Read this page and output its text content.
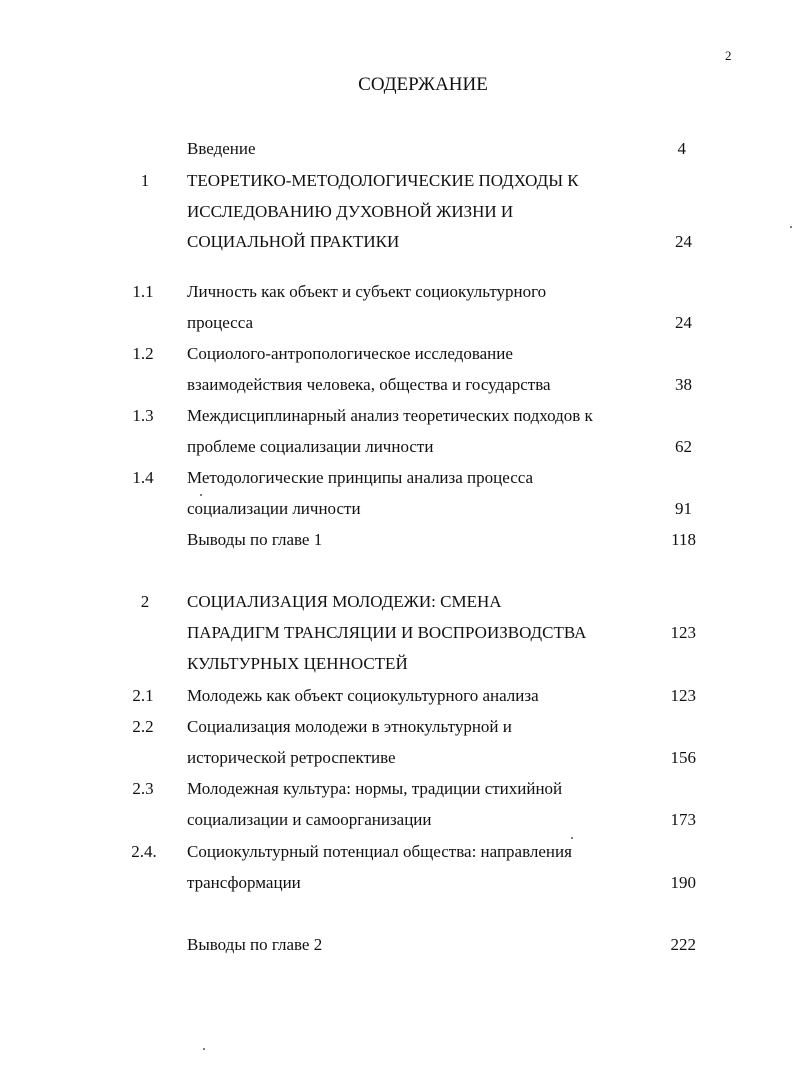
2
СОДЕРЖАНИЕ
Введение	4
1	ТЕОРЕТИКО-МЕТОДОЛОГИЧЕСКИЕ ПОДХОДЫ К
ИССЛЕДОВАНИЮ ДУХОВНОЙ ЖИЗНИ И
СОЦИАЛЬНОЙ ПРАКТИКИ	24
1.1	Личность как объект и субъект социокультурного
процесса	24
1.2	Социолого-антропологическое исследование
взаимодействия человека, общества и государства	38
1.3	Междисциплинарный анализ теоретических подходов к
проблеме социализации личности	62
1.4	Методологические принципы анализа процесса
социализации личности	91
Выводы по главе 1	118
2	СОЦИАЛИЗАЦИЯ МОЛОДЕЖИ: СМЕНА
ПАРАДИГМ ТРАНСЛЯЦИИ И ВОСПРОИЗВОДСТВА	123
КУЛЬТУРНЫХ ЦЕННОСТЕЙ
2.1	Молодежь как объект социокультурного анализа	123
2.2	Социализация молодежи в этнокультурной и
исторической ретроспективе	156
2.3	Молодежная культура: нормы, традиции стихийной
социализации и самоорганизации	173
2.4.	Социокультурный потенциал общества: направления
трансформации	190
Выводы по главе 2	222
